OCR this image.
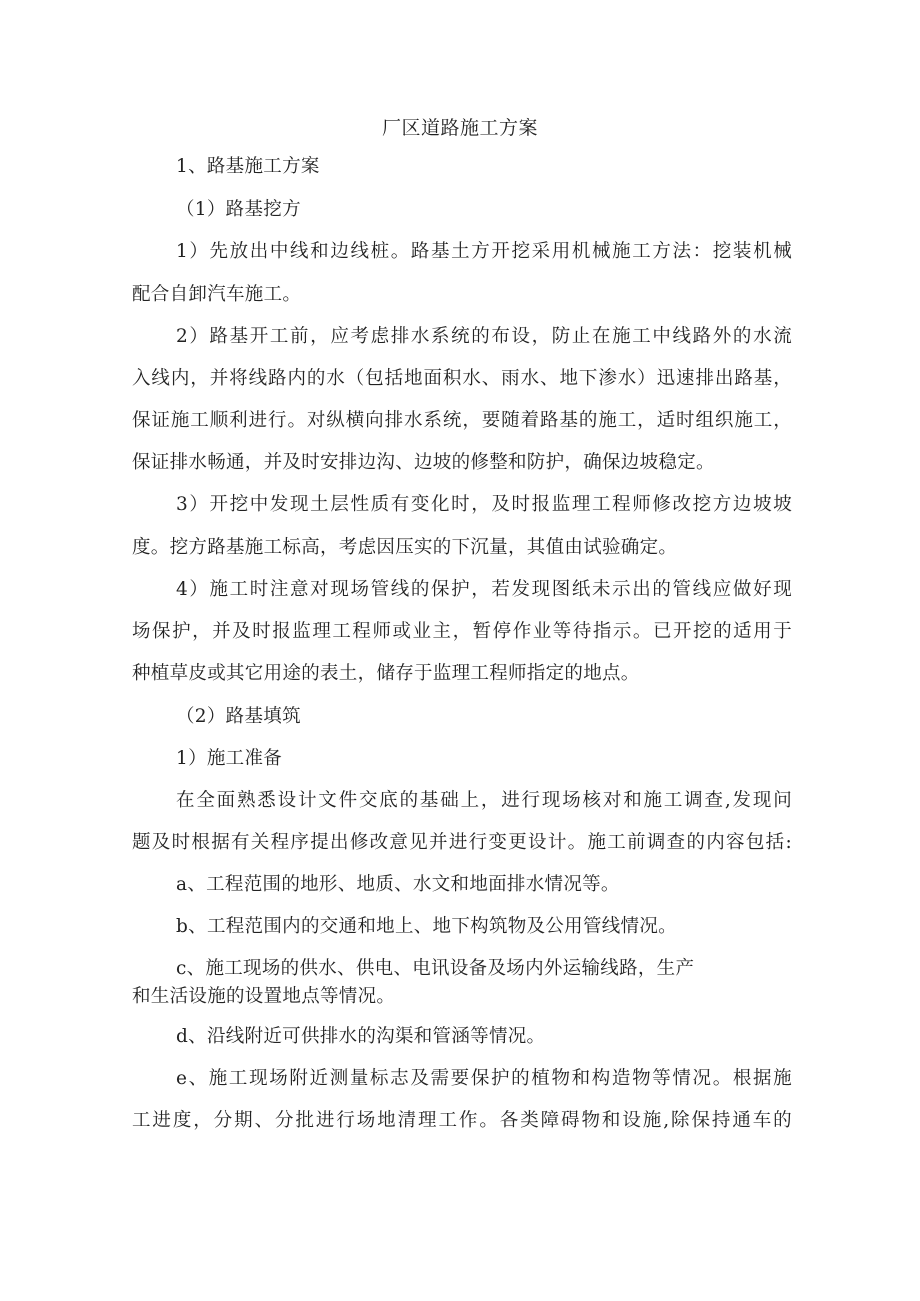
厂区道路施工方案
1、路基施工方案
（1）路基挖方
1）先放出中线和边线桩。路基土方开挖采用机械施工方法：挖装机械
配合自卸汽车施工。
2）路基开工前，应考虑排水系统的布设，防止在施工中线路外的水流
入线内，并将线路内的水（包括地面积水、雨水、地下渗水）迅速排出路基，
保证施工顺利进行。对纵横向排水系统，要随着路基的施工，适时组织施工，
保证排水畅通，并及时安排边沟、边坡的修整和防护，确保边坡稳定。
3）开挖中发现土层性质有变化时，及时报监理工程师修改挖方边坡坡
度。挖方路基施工标高，考虑因压实的下沉量，其值由试验确定。
4）施工时注意对现场管线的保护，若发现图纸未示出的管线应做好现
场保护，并及时报监理工程师或业主，暂停作业等待指示。已开挖的适用于
种植草皮或其它用途的表土，储存于监理工程师指定的地点。
（2）路基填筑
1）施工准备
在全面熟悉设计文件交底的基础上，进行现场核对和施工调查,发现问
题及时根据有关程序提出修改意见并进行变更设计。施工前调查的内容包括:
a、工程范围的地形、地质、水文和地面排水情况等。
b、工程范围内的交通和地上、地下构筑物及公用管线情况。
c、施工现场的供水、供电、电讯设备及场内外运输线路，生产
和生活设施的设置地点等情况。
d、沿线附近可供排水的沟渠和管涵等情况。
e、施工现场附近测量标志及需要保护的植物和构造物等情况。根据施
工进度，分期、分批进行场地清理工作。各类障碍物和设施,除保持通车的
